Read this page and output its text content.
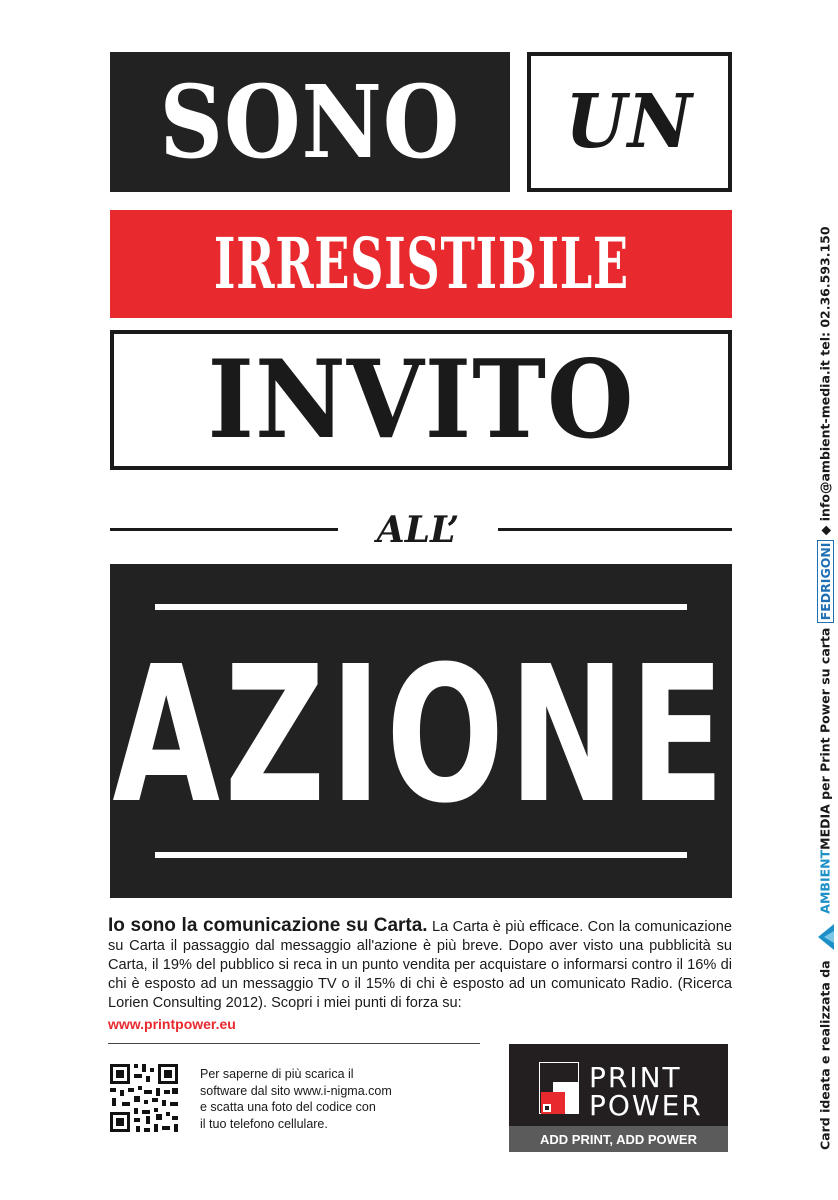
SONO UN
IRRESISTIBILE
INVITO
ALL’
AZIONE
Io sono la comunicazione su Carta. La Carta è più efficace. Con la comunicazione su Carta il passaggio dal messaggio all'azione è più breve. Dopo aver visto una pubblicità su Carta, il 19% del pubblico si reca in un punto vendita per acquistare o informarsi contro il 16% di chi è esposto ad un messaggio TV o il 15% di chi è esposto ad un comunicato Radio. (Ricerca Lorien Consulting 2012). Scopri i miei punti di forza su:
www.printpower.eu
Per saperne di più scarica il
software dal sito www.i-nigma.com
e scatta una foto del codice con
il tuo telefono cellulare.
PRINT
POWER
ADD PRINT, ADD POWER	Card ideata e realizzata da  AMBIENTMEDIA per Print Power su carta FEDRIGONI ◆ info@ambient-media.it tel: 02.36.593.150
